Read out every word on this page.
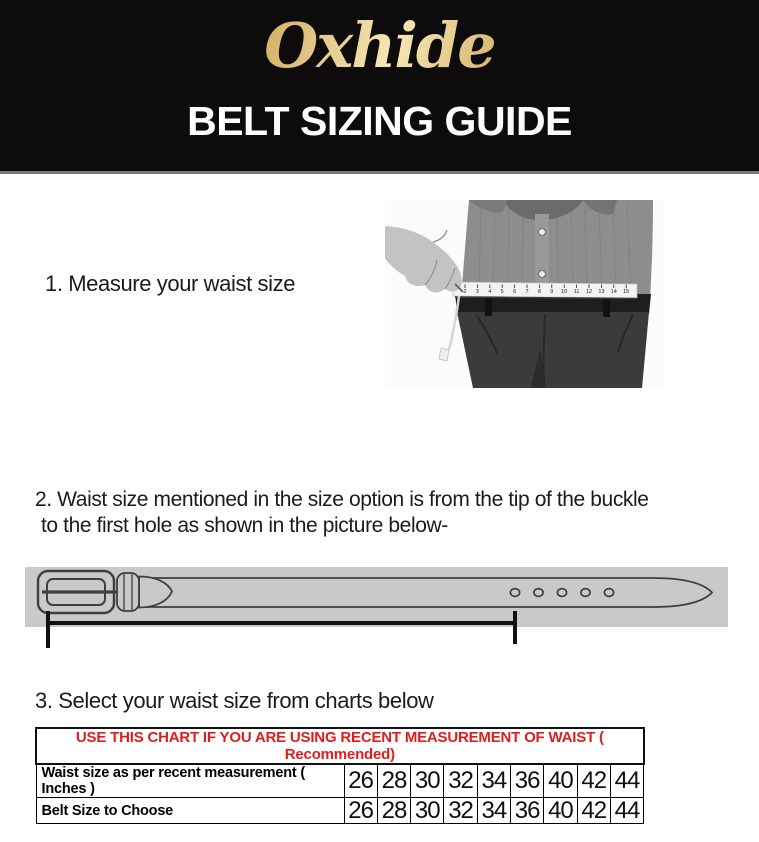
Oxhide
BELT SIZING GUIDE
1. Measure your waist size	2 3 4 5 6 7 8 9 10 11 12 13 14 15
2. Waist size mentioned in the size option is from the tip of the buckle
to the first hole as shown in the picture below-
3. Select your waist size from charts below
USE THIS CHART IF YOU ARE USING RECENT MEASUREMENT OF WAIST ( Recommended)									
Waist size as per recent measurement ( Inches )	26	28	30	32	34	36	40	42	44
Belt Size to Choose	26	28	30	32	34	36	40	42	44
